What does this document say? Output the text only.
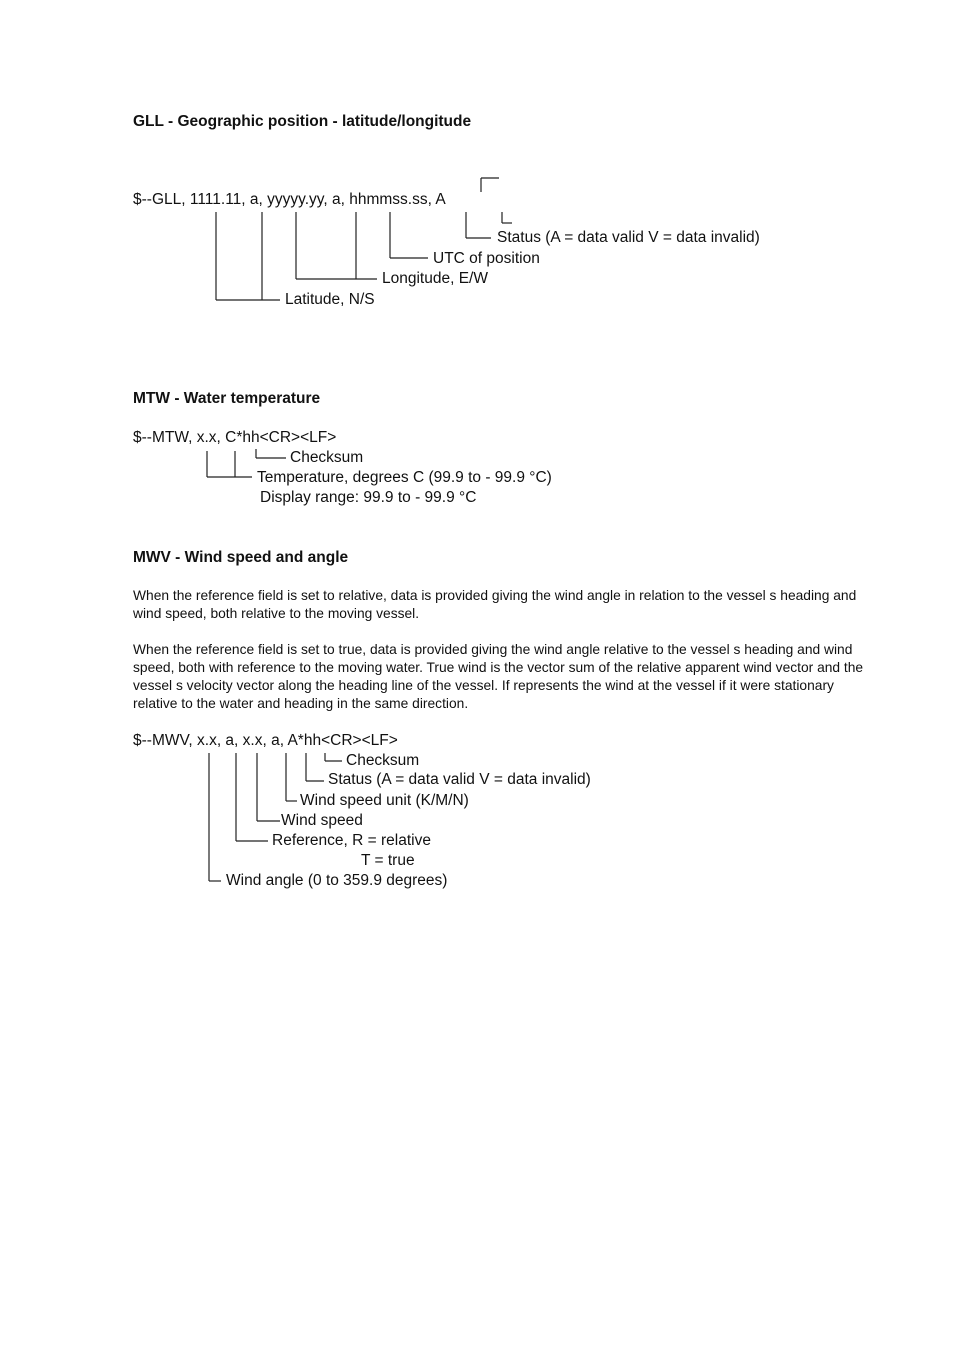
GLL - Geographic position - latitude/longitude
$--GLL, 1111.11, a, yyyyy.yy, a, hhmmss.ss, A
Status (A = data valid V = data invalid)
UTC of position
Longitude, E/W
Latitude, N/S
MTW - Water temperature
$--MTW, x.x, C*hh<CR><LF>
Checksum
Temperature, degrees C (99.9 to - 99.9 °C)
Display range: 99.9 to - 99.9 °C
MWV - Wind speed and angle
When the reference field is set to relative, data is provided giving the wind angle in relation to the vessel s heading and wind speed, both relative to the moving vessel.
When the reference field is set to true, data is provided giving the wind angle relative to the vessel s heading and wind speed, both with reference to the moving water. True wind is the vector sum of the relative apparent wind vector and the vessel s velocity vector along the heading line of the vessel. If represents the wind at the vessel if it were stationary relative to the water and heading in the same direction.
$--MWV, x.x, a, x.x, a, A*hh<CR><LF>
Checksum
Status (A = data valid V = data invalid)
Wind speed unit (K/M/N)
Wind speed
Reference, R = relative
T = true
Wind angle (0 to 359.9 degrees)
